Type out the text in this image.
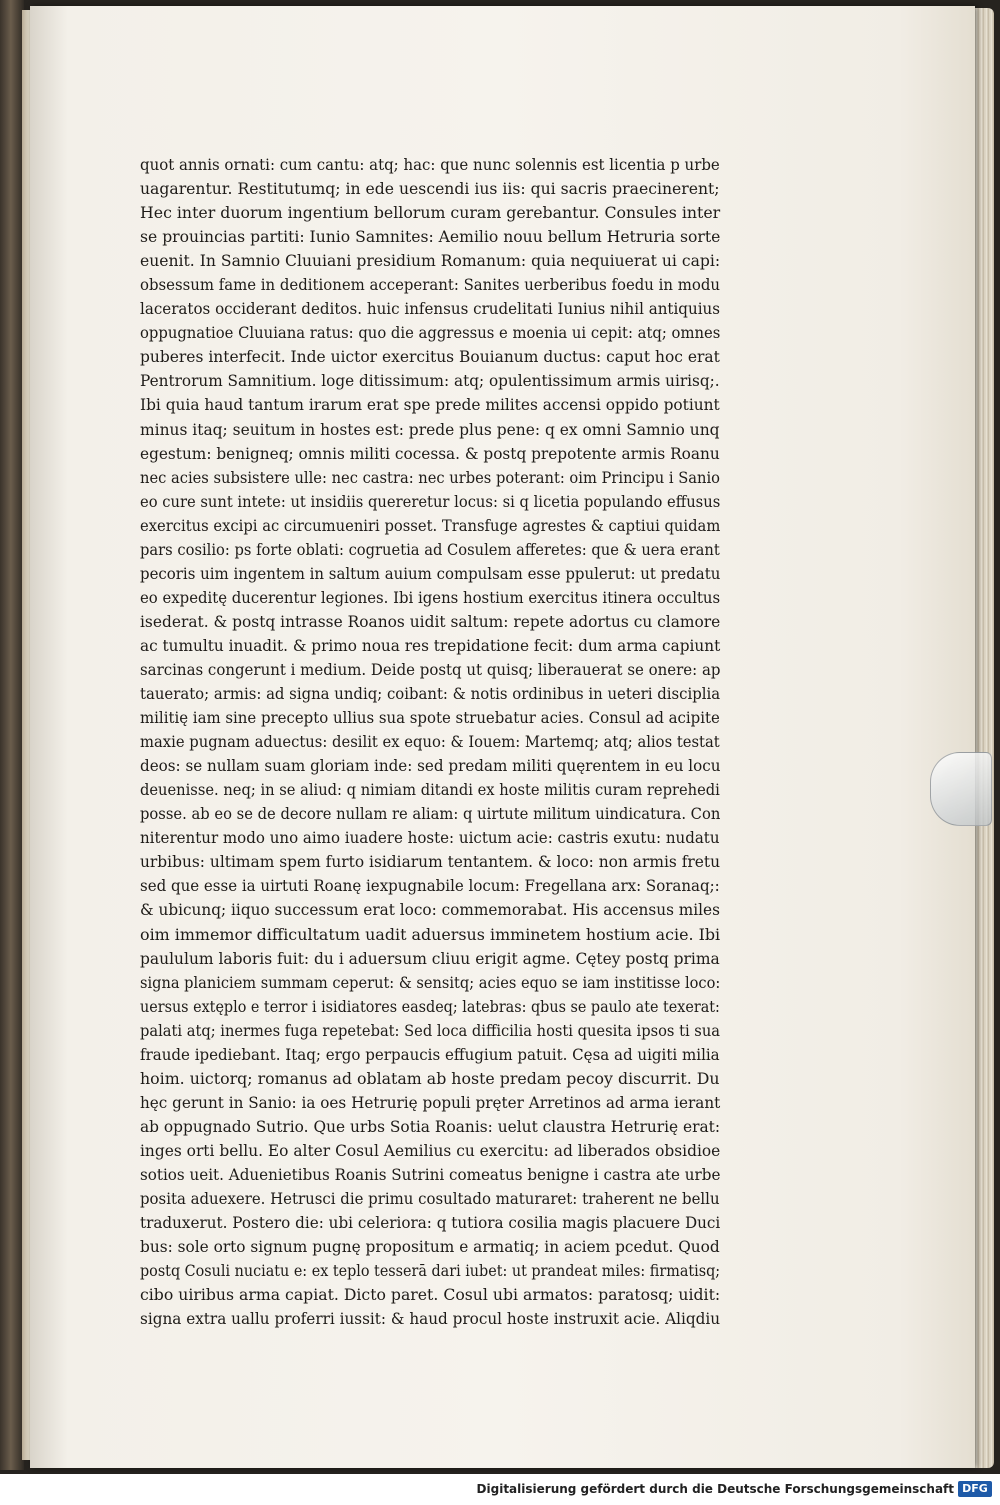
quot annis ornati: cum cantu: atq; hac: que nunc solennis est licentia p urbe
uagarentur. Restitutumq; in ede uescendi ius iis: qui sacris praecinerent;
Hec inter duorum ingentium bellorum curam gerebantur. Consules inter
se prouincias partiti: Iunio Samnites: Aemilio nouu bellum Hetruria sorte
euenit. In Samnio Cluuiani presidium Romanum: quia nequiuerat ui capi:
obsessum fame in deditionem acceperant: Sanites uerberibus foedu in modu
laceratos occiderant deditos. huic infensus crudelitati Iunius nihil antiquius
oppugnatioe Cluuiana ratus: quo die aggressus e moenia ui cepit: atq; omnes
puberes interfecit. Inde uictor exercitus Bouianum ductus: caput hoc erat
Pentrorum Samnitium. loge ditissimum: atq; opulentissimum armis uirisq;.
Ibi quia haud tantum irarum erat spe prede milites accensi oppido potiunt
minus itaq; seuitum in hostes est: prede plus pene: q ex omni Samnio unq
egestum: benigneq; omnis militi cocessa. & postq prepotente armis Roanu
nec acies subsistere ulle: nec castra: nec urbes poterant: oim Principu i Sanio
eo cure sunt intete: ut insidiis quereretur locus: si q licetia populando effusus
exercitus excipi ac circumueniri posset. Transfuge agrestes & captiui quidam
pars cosilio: ps forte oblati: cogruetia ad Cosulem afferetes: que & uera erant
pecoris uim ingentem in saltum auium compulsam esse ppulerut: ut predatu
eo expeditę ducerentur legiones. Ibi igens hostium exercitus itinera occultus
isederat. & postq intrasse Roanos uidit saltum: repete adortus cu clamore
ac tumultu inuadit. & primo noua res trepidatione fecit: dum arma capiunt
sarcinas congerunt i medium. Deide postq ut quisq; liberauerat se onere: ap
tauerato; armis: ad signa undiq; coibant: & notis ordinibus in ueteri disciplia
militię iam sine precepto ullius sua spote struebatur acies. Consul ad acipite
maxie pugnam aduectus: desilit ex equo: & Iouem: Martemq; atq; alios testat
deos: se nullam suam gloriam inde: sed predam militi quęrentem in eu locu
deuenisse. neq; in se aliud: q nimiam ditandi ex hoste militis curam reprehedi
posse. ab eo se de decore nullam re aliam: q uirtute militum uindicatura. Con
niterentur modo uno aimo iuadere hoste: uictum acie: castris exutu: nudatu
urbibus: ultimam spem furto isidiarum tentantem. & loco: non armis fretu
sed que esse ia uirtuti Roanę iexpugnabile locum: Fregellana arx: Soranaq;:
& ubicunq; iiquo successum erat loco: commemorabat. His accensus miles
oim immemor difficultatum uadit aduersus imminetem hostium acie. Ibi
paululum laboris fuit: du i aduersum cliuu erigit agme. Cętey postq prima
signa planiciem summam ceperut: & sensitq; acies equo se iam institisse loco:
uersus extęplo e terror i isidiatores easdeq; latebras: qbus se paulo ate texerat:
palati atq; inermes fuga repetebat: Sed loca difficilia hosti quesita ipsos ti sua
fraude ipediebant. Itaq; ergo perpaucis effugium patuit. Cęsa ad uigiti milia
hoim. uictorq; romanus ad oblatam ab hoste predam pecoy discurrit. Du
hęc gerunt in Sanio: ia oes Hetrurię populi pręter Arretinos ad arma ierant
ab oppugnado Sutrio. Que urbs Sotia Roanis: uelut claustra Hetrurię erat:
inges orti bellu. Eo alter Cosul Aemilius cu exercitu: ad liberados obsidioe
sotios ueit. Aduenietibus Roanis Sutrini comeatus benigne i castra ate urbe
posita aduexere. Hetrusci die primu cosultado maturaret: traherent ne bellu
traduxerut. Postero die: ubi celeriora: q tutiora cosilia magis placuere Duci
bus: sole orto signum pugnę propositum e armatiq; in aciem pcedut. Quod
postq Cosuli nuciatu e: ex teplo tesserā dari iubet: ut prandeat miles: firmatisq;
cibo uiribus arma capiat. Dicto paret. Cosul ubi armatos: paratosq; uidit:
signa extra uallu proferri iussit: & haud procul hoste instruxit acie. Aliqdiu
Digitalisierung gefördert durch die Deutsche Forschungsgemeinschaft DFG
